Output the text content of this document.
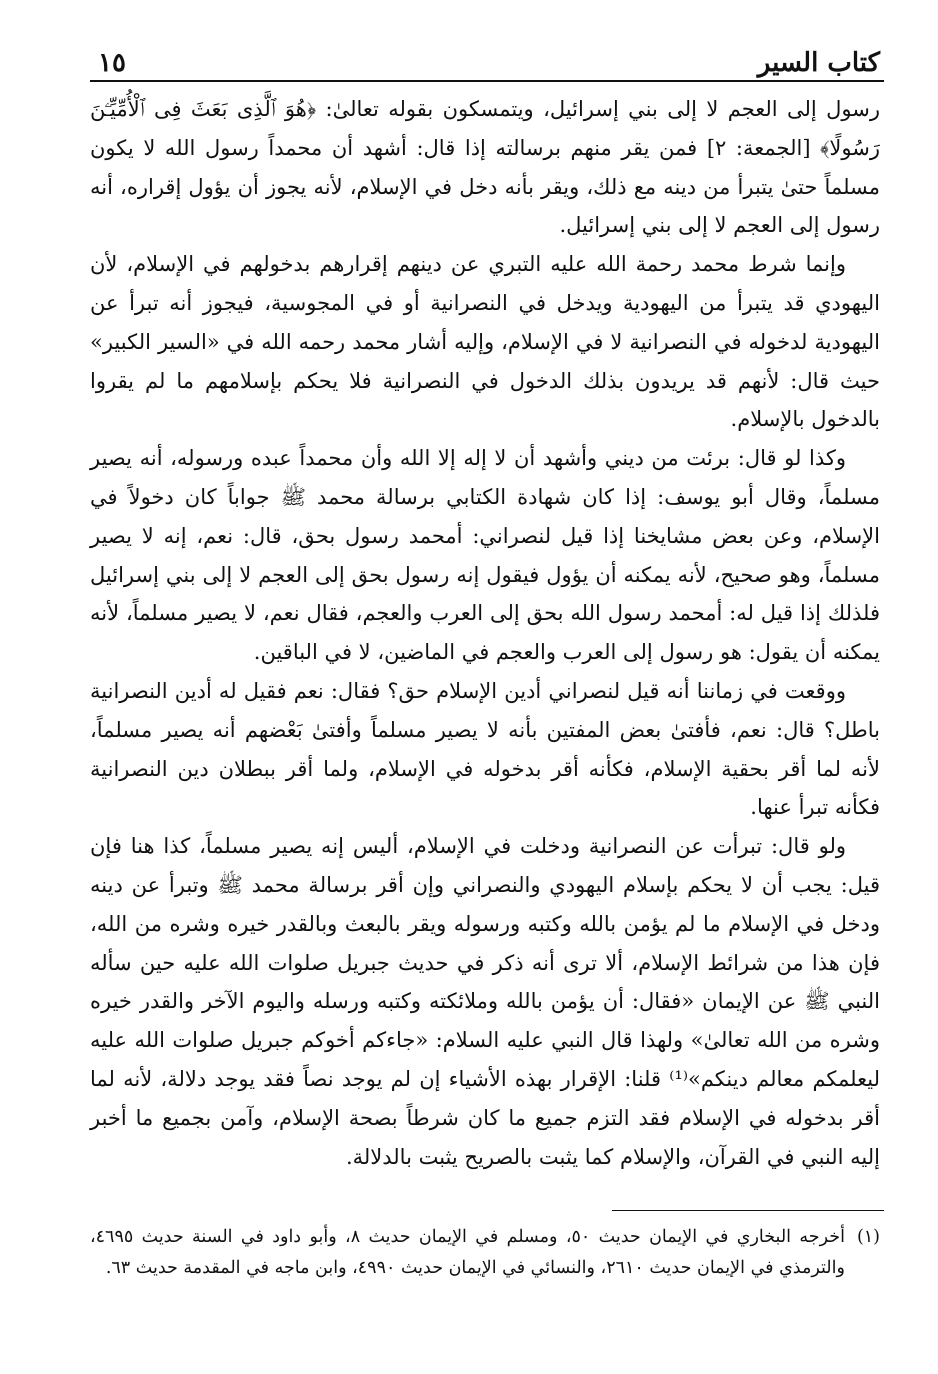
١٥	كتاب السير

رسول إلى العجم لا إلى بني إسرائيل، ويتمسكون بقوله تعالىٰ: ﴿هُوَ ٱلَّذِى بَعَثَ فِى ٱلْأُمِّيِّـۧنَ رَسُولًا﴾ [الجمعة: ٢] فمن يقر منهم برسالته إذا قال: أشهد أن محمداً رسول الله لا يكون مسلماً حتىٰ يتبرأ من دينه مع ذلك، ويقر بأنه دخل في الإسلام، لأنه يجوز أن يؤول إقراره، أنه رسول إلى العجم لا إلى بني إسرائيل.

وإنما شرط محمد رحمة الله عليه التبري عن دينهم إقرارهم بدخولهم في الإسلام، لأن اليهودي قد يتبرأ من اليهودية ويدخل في النصرانية أو في المجوسية، فيجوز أنه تبرأ عن اليهودية لدخوله في النصرانية لا في الإسلام، وإليه أشار محمد رحمه الله في «السير الكبير» حيث قال: لأنهم قد يريدون بذلك الدخول في النصرانية فلا يحكم بإسلامهم ما لم يقروا بالدخول بالإسلام.

وكذا لو قال: برئت من ديني وأشهد أن لا إله إلا الله وأن محمداً عبده ورسوله، أنه يصير مسلماً، وقال أبو يوسف: إذا كان شهادة الكتابي برسالة محمد ﷺ جواباً كان دخولاً في الإسلام، وعن بعض مشايخنا إذا قيل لنصراني: أمحمد رسول بحق، قال: نعم، إنه لا يصير مسلماً، وهو صحيح، لأنه يمكنه أن يؤول فيقول إنه رسول بحق إلى العجم لا إلى بني إسرائيل فلذلك إذا قيل له: أمحمد رسول الله بحق إلى العرب والعجم، فقال نعم، لا يصير مسلماً، لأنه يمكنه أن يقول: هو رسول إلى العرب والعجم في الماضين، لا في الباقين.

ووقعت في زماننا أنه قيل لنصراني أدين الإسلام حق؟ فقال: نعم فقيل له أدين النصرانية باطل؟ قال: نعم، فأفتىٰ بعض المفتين بأنه لا يصير مسلماً وأفتىٰ بَعْضهم أنه يصير مسلماً، لأنه لما أقر بحقية الإسلام، فكأنه أقر بدخوله في الإسلام، ولما أقر ببطلان دين النصرانية فكأنه تبرأ عنها.

ولو قال: تبرأت عن النصرانية ودخلت في الإسلام، أليس إنه يصير مسلماً، كذا هنا فإن قيل: يجب أن لا يحكم بإسلام اليهودي والنصراني وإن أقر برسالة محمد ﷺ وتبرأ عن دينه ودخل في الإسلام ما لم يؤمن بالله وكتبه ورسوله ويقر بالبعث وبالقدر خيره وشره من الله، فإن هذا من شرائط الإسلام، ألا ترى أنه ذكر في حديث جبريل صلوات الله عليه حين سأله النبي ﷺ عن الإيمان «فقال: أن يؤمن بالله وملائكته وكتبه ورسله واليوم الآخر والقدر خيره وشره من الله تعالىٰ» ولهذا قال النبي عليه السلام: «جاءكم أخوكم جبريل صلوات الله عليه ليعلمكم معالم دينكم»⁽¹⁾ قلنا: الإقرار بهذه الأشياء إن لم يوجد نصاً فقد يوجد دلالة، لأنه لما أقر بدخوله في الإسلام فقد التزم جميع ما كان شرطاً بصحة الإسلام، وآمن بجميع ما أخبر إليه النبي في القرآن، والإسلام كما يثبت بالصريح يثبت بالدلالة.

(١)
أخرجه البخاري في الإيمان حديث ٥٠، ومسلم في الإيمان حديث ٨، وأبو داود في السنة حديث ٤٦٩٥، والترمذي في الإيمان حديث ٢٦١٠، والنسائي في الإيمان حديث ٤٩٩٠، وابن ماجه في المقدمة حديث ٦٣.
